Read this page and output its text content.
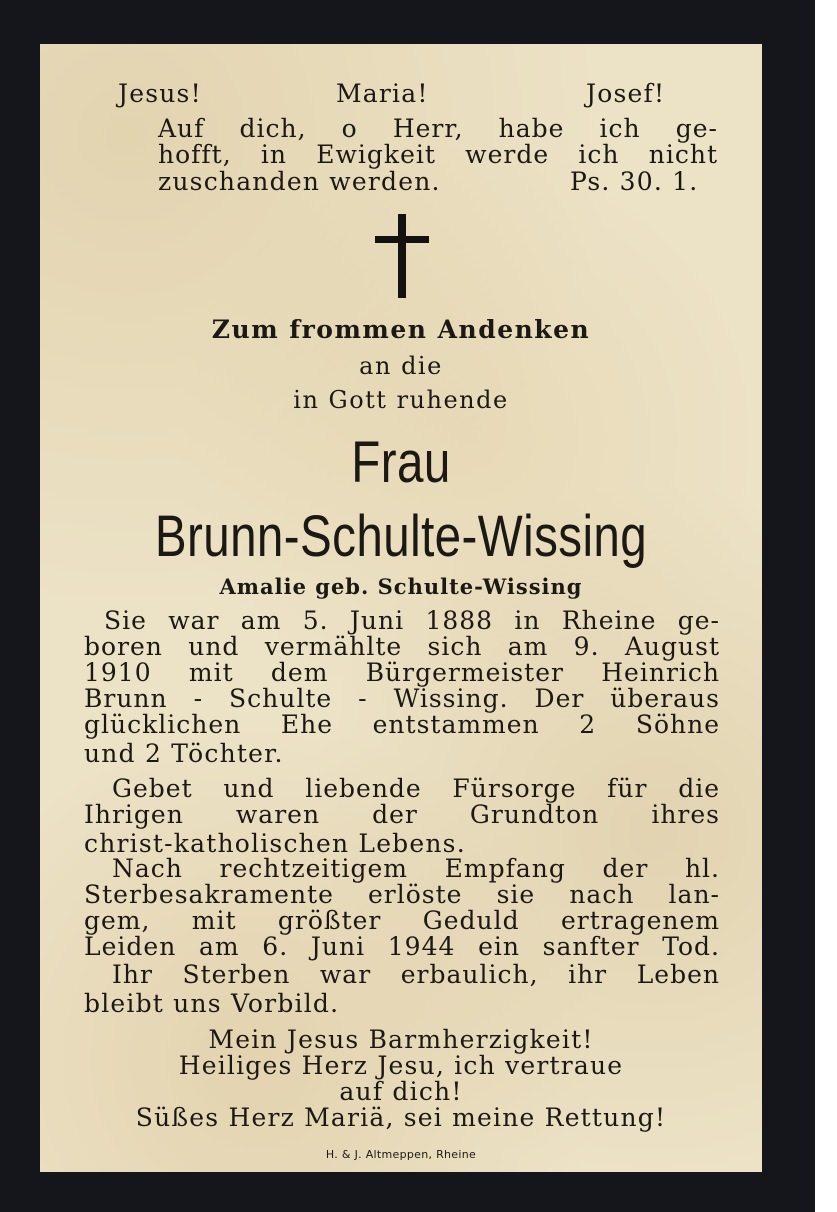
Jesus!	Maria!	Josef!
Auf dich, o Herr, habe ich ge-
hofft, in Ewigkeit werde ich nicht
zuschanden werden.	Ps. 30. 1.
Zum frommen Andenken
an die
in Gott ruhende
Frau
Brunn-Schulte-Wissing
Amalie geb. Schulte-Wissing
Sie war am 5. Juni 1888 in Rheine ge-
boren und vermählte sich am 9. August
1910 mit dem Bürgermeister Heinrich
Brunn - Schulte - Wissing. Der überaus
glücklichen Ehe entstammen 2 Söhne
und 2 Töchter.
Gebet und liebende Fürsorge für die
Ihrigen waren der Grundton ihres
christ-katholischen Lebens.
Nach rechtzeitigem Empfang der hl.
Sterbesakramente erlöste sie nach lan-
gem, mit größter Geduld ertragenem
Leiden am 6. Juni 1944 ein sanfter Tod.
Ihr Sterben war erbaulich, ihr Leben
bleibt uns Vorbild.
Mein Jesus Barmherzigkeit!
Heiliges Herz Jesu, ich vertraue
auf dich!
Süßes Herz Mariä, sei meine Rettung!
H. & J. Altmeppen, Rheine
